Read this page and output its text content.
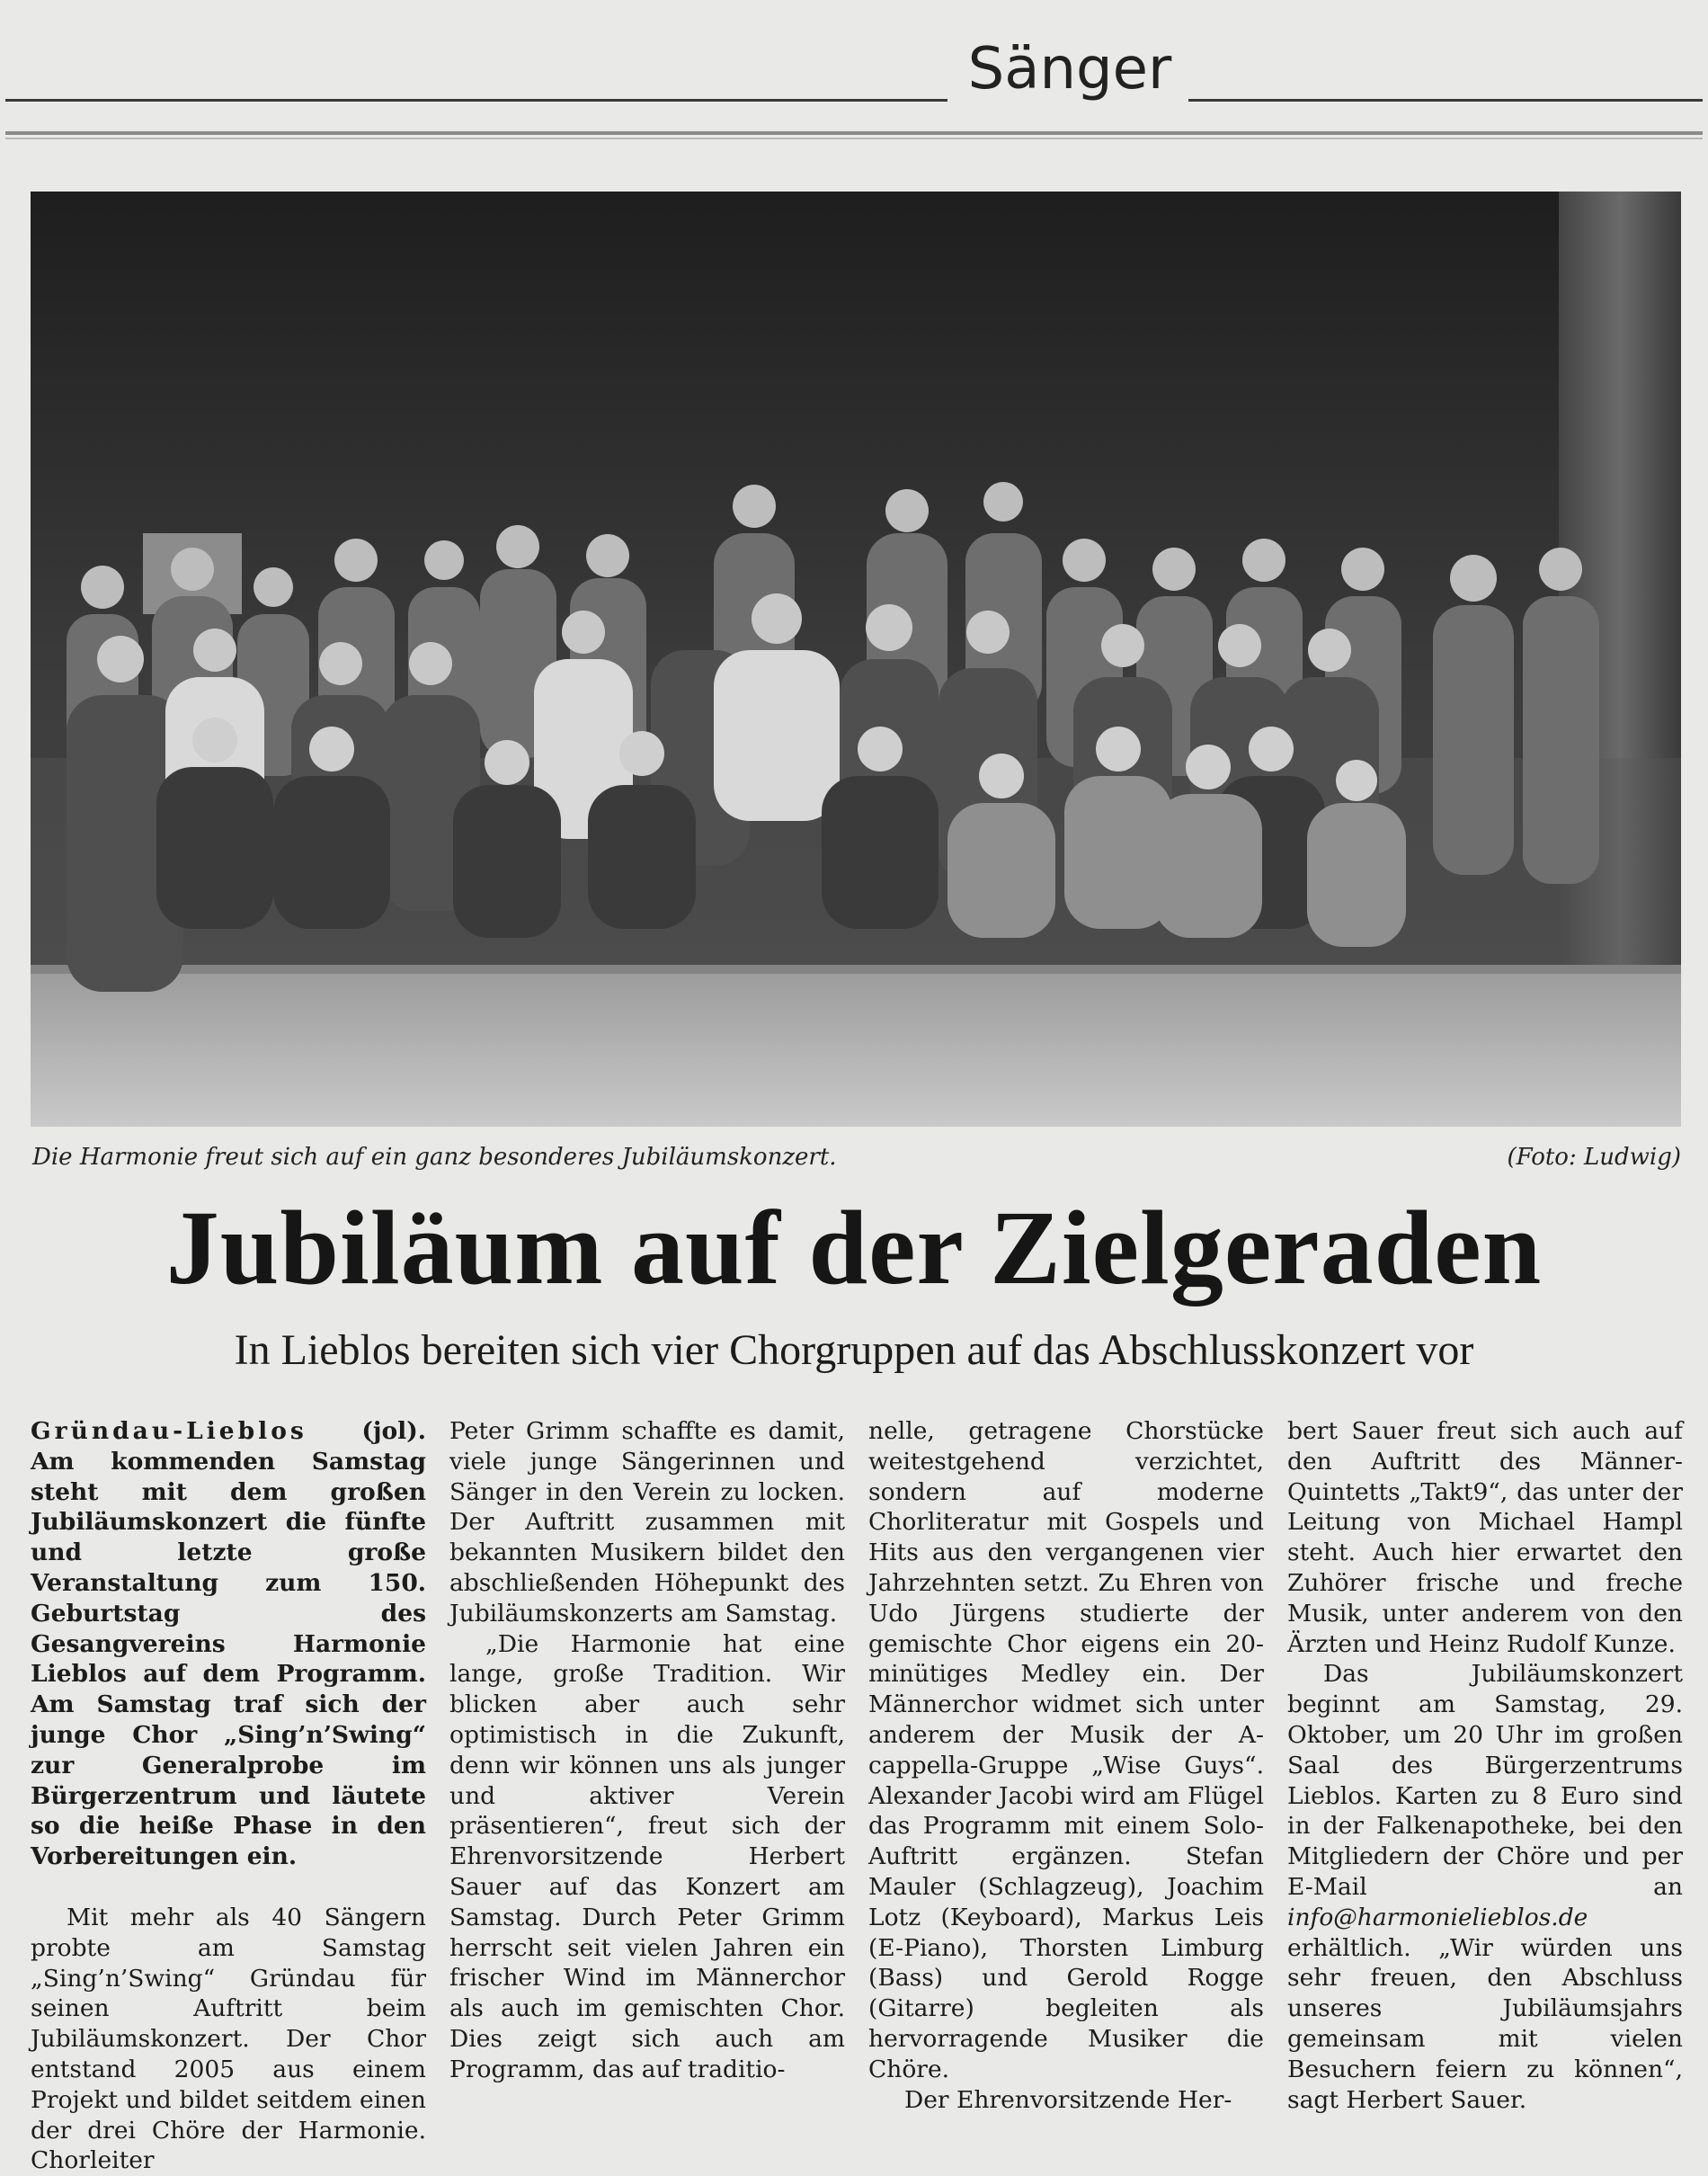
Sänger
Die Harmonie freut sich auf ein ganz besonderes Jubiläumskonzert.	(Foto: Ludwig)
Jubiläum auf der Zielgeraden
In Lieblos bereiten sich vier Chorgruppen auf das Abschlusskonzert vor

Gründau-Lieblos (jol). Am kommenden Samstag steht mit dem großen Jubiläumskonzert die fünfte und letzte große Veranstaltung zum 150. Geburtstag des Gesangvereins Harmonie Lieblos auf dem Programm. Am Samstag traf sich der junge Chor „Sing’n’Swing“ zur Generalprobe im Bürgerzentrum und läutete so die heiße Phase in den Vorbereitungen ein.

Mit mehr als 40 Sängern probte am Samstag „Sing’n’Swing“ Gründau für seinen Auftritt beim Jubiläumskonzert. Der Chor entstand 2005 aus einem Projekt und bildet seitdem einen der drei Chöre der Harmonie. Chorleiter

Peter Grimm schaffte es damit, viele junge Sängerinnen und Sänger in den Verein zu locken. Der Auftritt zusammen mit bekannten Musikern bildet den abschließenden Höhepunkt des Jubiläumskonzerts am Samstag.

„Die Harmonie hat eine lange, große Tradition. Wir blicken aber auch sehr optimistisch in die Zukunft, denn wir können uns als junger und aktiver Verein präsentieren“, freut sich der Ehrenvorsitzende Herbert Sauer auf das Konzert am Samstag. Durch Peter Grimm herrscht seit vielen Jahren ein frischer Wind im Männerchor als auch im gemischten Chor. Dies zeigt sich auch am Programm, das auf traditio-

nelle, getragene Chorstücke weitestgehend verzichtet, sondern auf moderne Chorliteratur mit Gospels und Hits aus den vergangenen vier Jahrzehnten setzt. Zu Ehren von Udo Jürgens studierte der gemischte Chor eigens ein 20-minütiges Medley ein. Der Männerchor widmet sich unter anderem der Musik der A-cappella-Gruppe „Wise Guys“. Alexander Jacobi wird am Flügel das Programm mit einem Solo-Auftritt ergänzen. Stefan Mauler (Schlagzeug), Joachim Lotz (Keyboard), Markus Leis (E-Piano), Thorsten Limburg (Bass) und Gerold Rogge (Gitarre) begleiten als hervorragende Musiker die Chöre.

Der Ehrenvorsitzende Her-

bert Sauer freut sich auch auf den Auftritt des Männer-Quintetts „Takt9“, das unter der Leitung von Michael Hampl steht. Auch hier erwartet den Zuhörer frische und freche Musik, unter anderem von den Ärzten und Heinz Rudolf Kunze.

Das Jubiläumskonzert beginnt am Samstag, 29. Oktober, um 20 Uhr im großen Saal des Bürgerzentrums Lieblos. Karten zu 8 Euro sind in der Falkenapotheke, bei den Mitgliedern der Chöre und per E-Mail an info@harmonielieblos.de erhältlich. „Wir würden uns sehr freuen, den Abschluss unseres Jubiläumsjahrs gemeinsam mit vielen Besuchern feiern zu können“, sagt Herbert Sauer.
